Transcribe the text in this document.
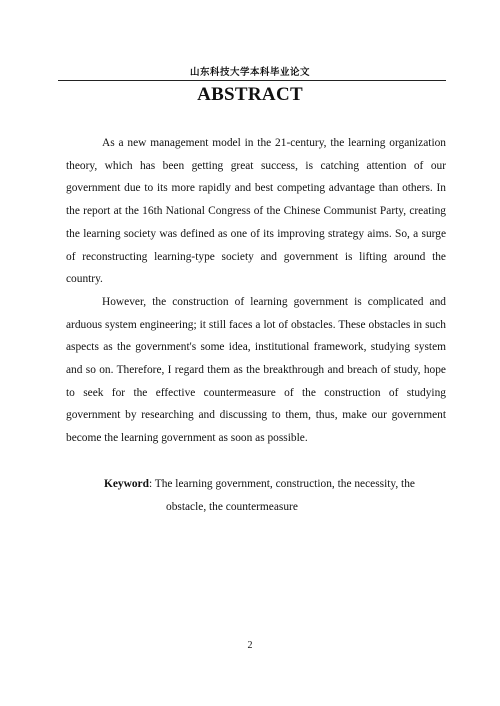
山东科技大学本科毕业论文
ABSTRACT

As a new management model in the 21-century, the learning organization theory, which has been getting great success, is catching attention of our government due to its more rapidly and best competing advantage than others. In the report at the 16th National Congress of the Chinese Communist Party, creating the learning society was defined as one of its improving strategy aims. So, a surge of reconstructing learning-type society and government is lifting around the country.

However, the construction of learning government is complicated and arduous system engineering; it still faces a lot of obstacles. These obstacles in such aspects as the government's some idea, institutional framework, studying system and so on. Therefore, I regard them as the breakthrough and breach of study, hope to seek for the effective countermeasure of the construction of studying government by researching and discussing to them, thus, make our government become the learning government as soon as possible.

Keyword: The learning government, construction, the necessity, the
obstacle, the countermeasure
2
